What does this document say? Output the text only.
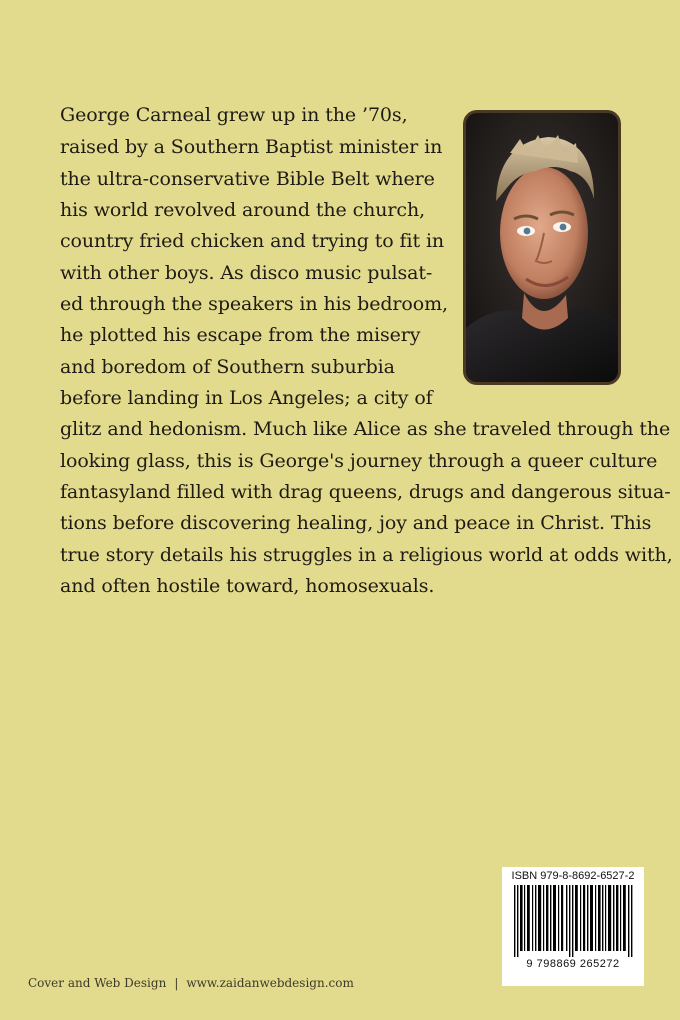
George Carneal grew up in the ’70s,
raised by a Southern Baptist minister in
the ultra-conservative Bible Belt where
his world revolved around the church,
country fried chicken and trying to fit in
with other boys. As disco music pulsat-
ed through the speakers in his bedroom,
he plotted his escape from the misery
and boredom of Southern suburbia
before landing in Los Angeles; a city of
glitz and hedonism. Much like Alice as she traveled through the
looking glass, this is George's journey through a queer culture
fantasyland filled with drag queens, drugs and dangerous situa-
tions before discovering healing, joy and peace in Christ. This
true story details his struggles in a religious world at odds with,
and often hostile toward, homosexuals.
ISBN 979-8-8692-6527-2
9 798869 265272
Cover and Web Design | www.zaidanwebdesign.com
